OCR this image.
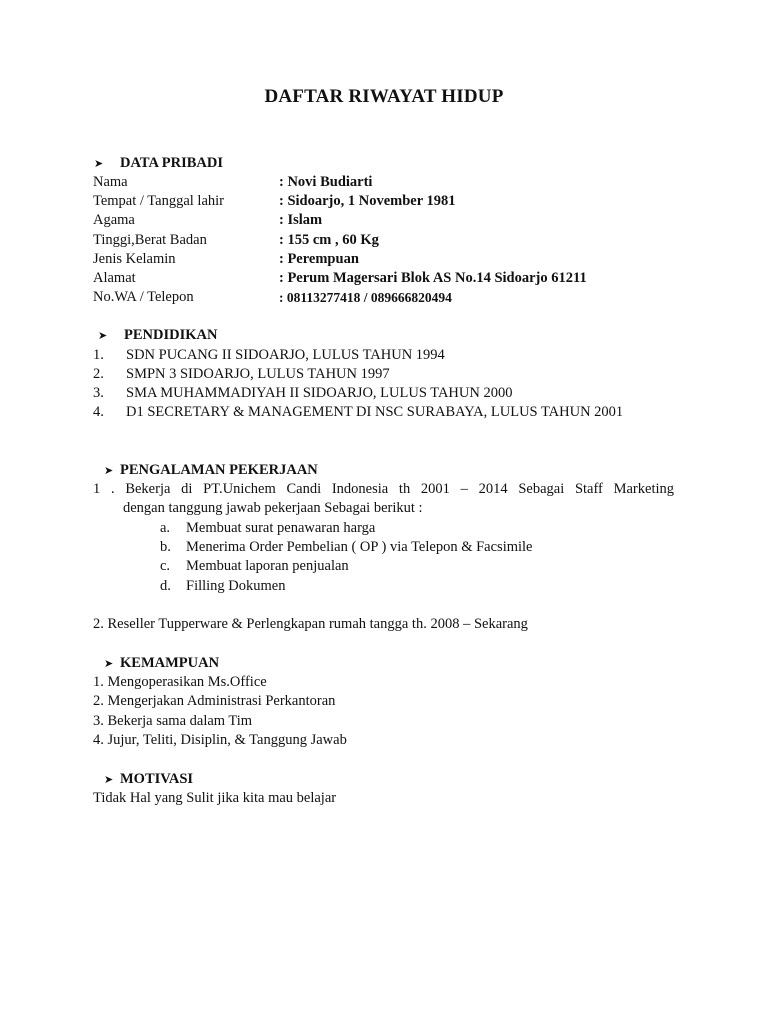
DAFTAR RIWAYAT HIDUP
➤ DATA PRIBADI
Nama	: Novi Budiarti
Tempat / Tanggal lahir	: Sidoarjo, 1 November 1981
Agama	: Islam
Tinggi,Berat Badan	: 155 cm , 60 Kg
Jenis Kelamin	: Perempuan
Alamat	: Perum Magersari Blok AS No.14 Sidoarjo 61211
No.WA / Telepon	: 08113277418 / 089666820494
➤ PENDIDIKAN
1. SDN PUCANG II SIDOARJO, LULUS TAHUN 1994
2. SMPN 3 SIDOARJO, LULUS TAHUN 1997
3. SMA MUHAMMADIYAH II SIDOARJO, LULUS TAHUN 2000
4. D1 SECRETARY & MANAGEMENT DI NSC SURABAYA, LULUS TAHUN 2001
➤ PENGALAMAN PEKERJAAN
1 . Bekerja di PT.Unichem Candi Indonesia th 2001 – 2014 Sebagai Staff Marketing
dengan tanggung jawab pekerjaan Sebagai berikut :
a. Membuat surat penawaran harga
b. Menerima Order Pembelian ( OP ) via Telepon & Facsimile
c. Membuat laporan penjualan
d. Filling Dokumen
2. Reseller Tupperware & Perlengkapan rumah tangga th. 2008 – Sekarang
➤ KEMAMPUAN
1. Mengoperasikan Ms.Office
2. Mengerjakan Administrasi Perkantoran
3. Bekerja sama dalam Tim
4. Jujur, Teliti, Disiplin, & Tanggung Jawab
➤ MOTIVASI
Tidak Hal yang Sulit jika kita mau belajar
